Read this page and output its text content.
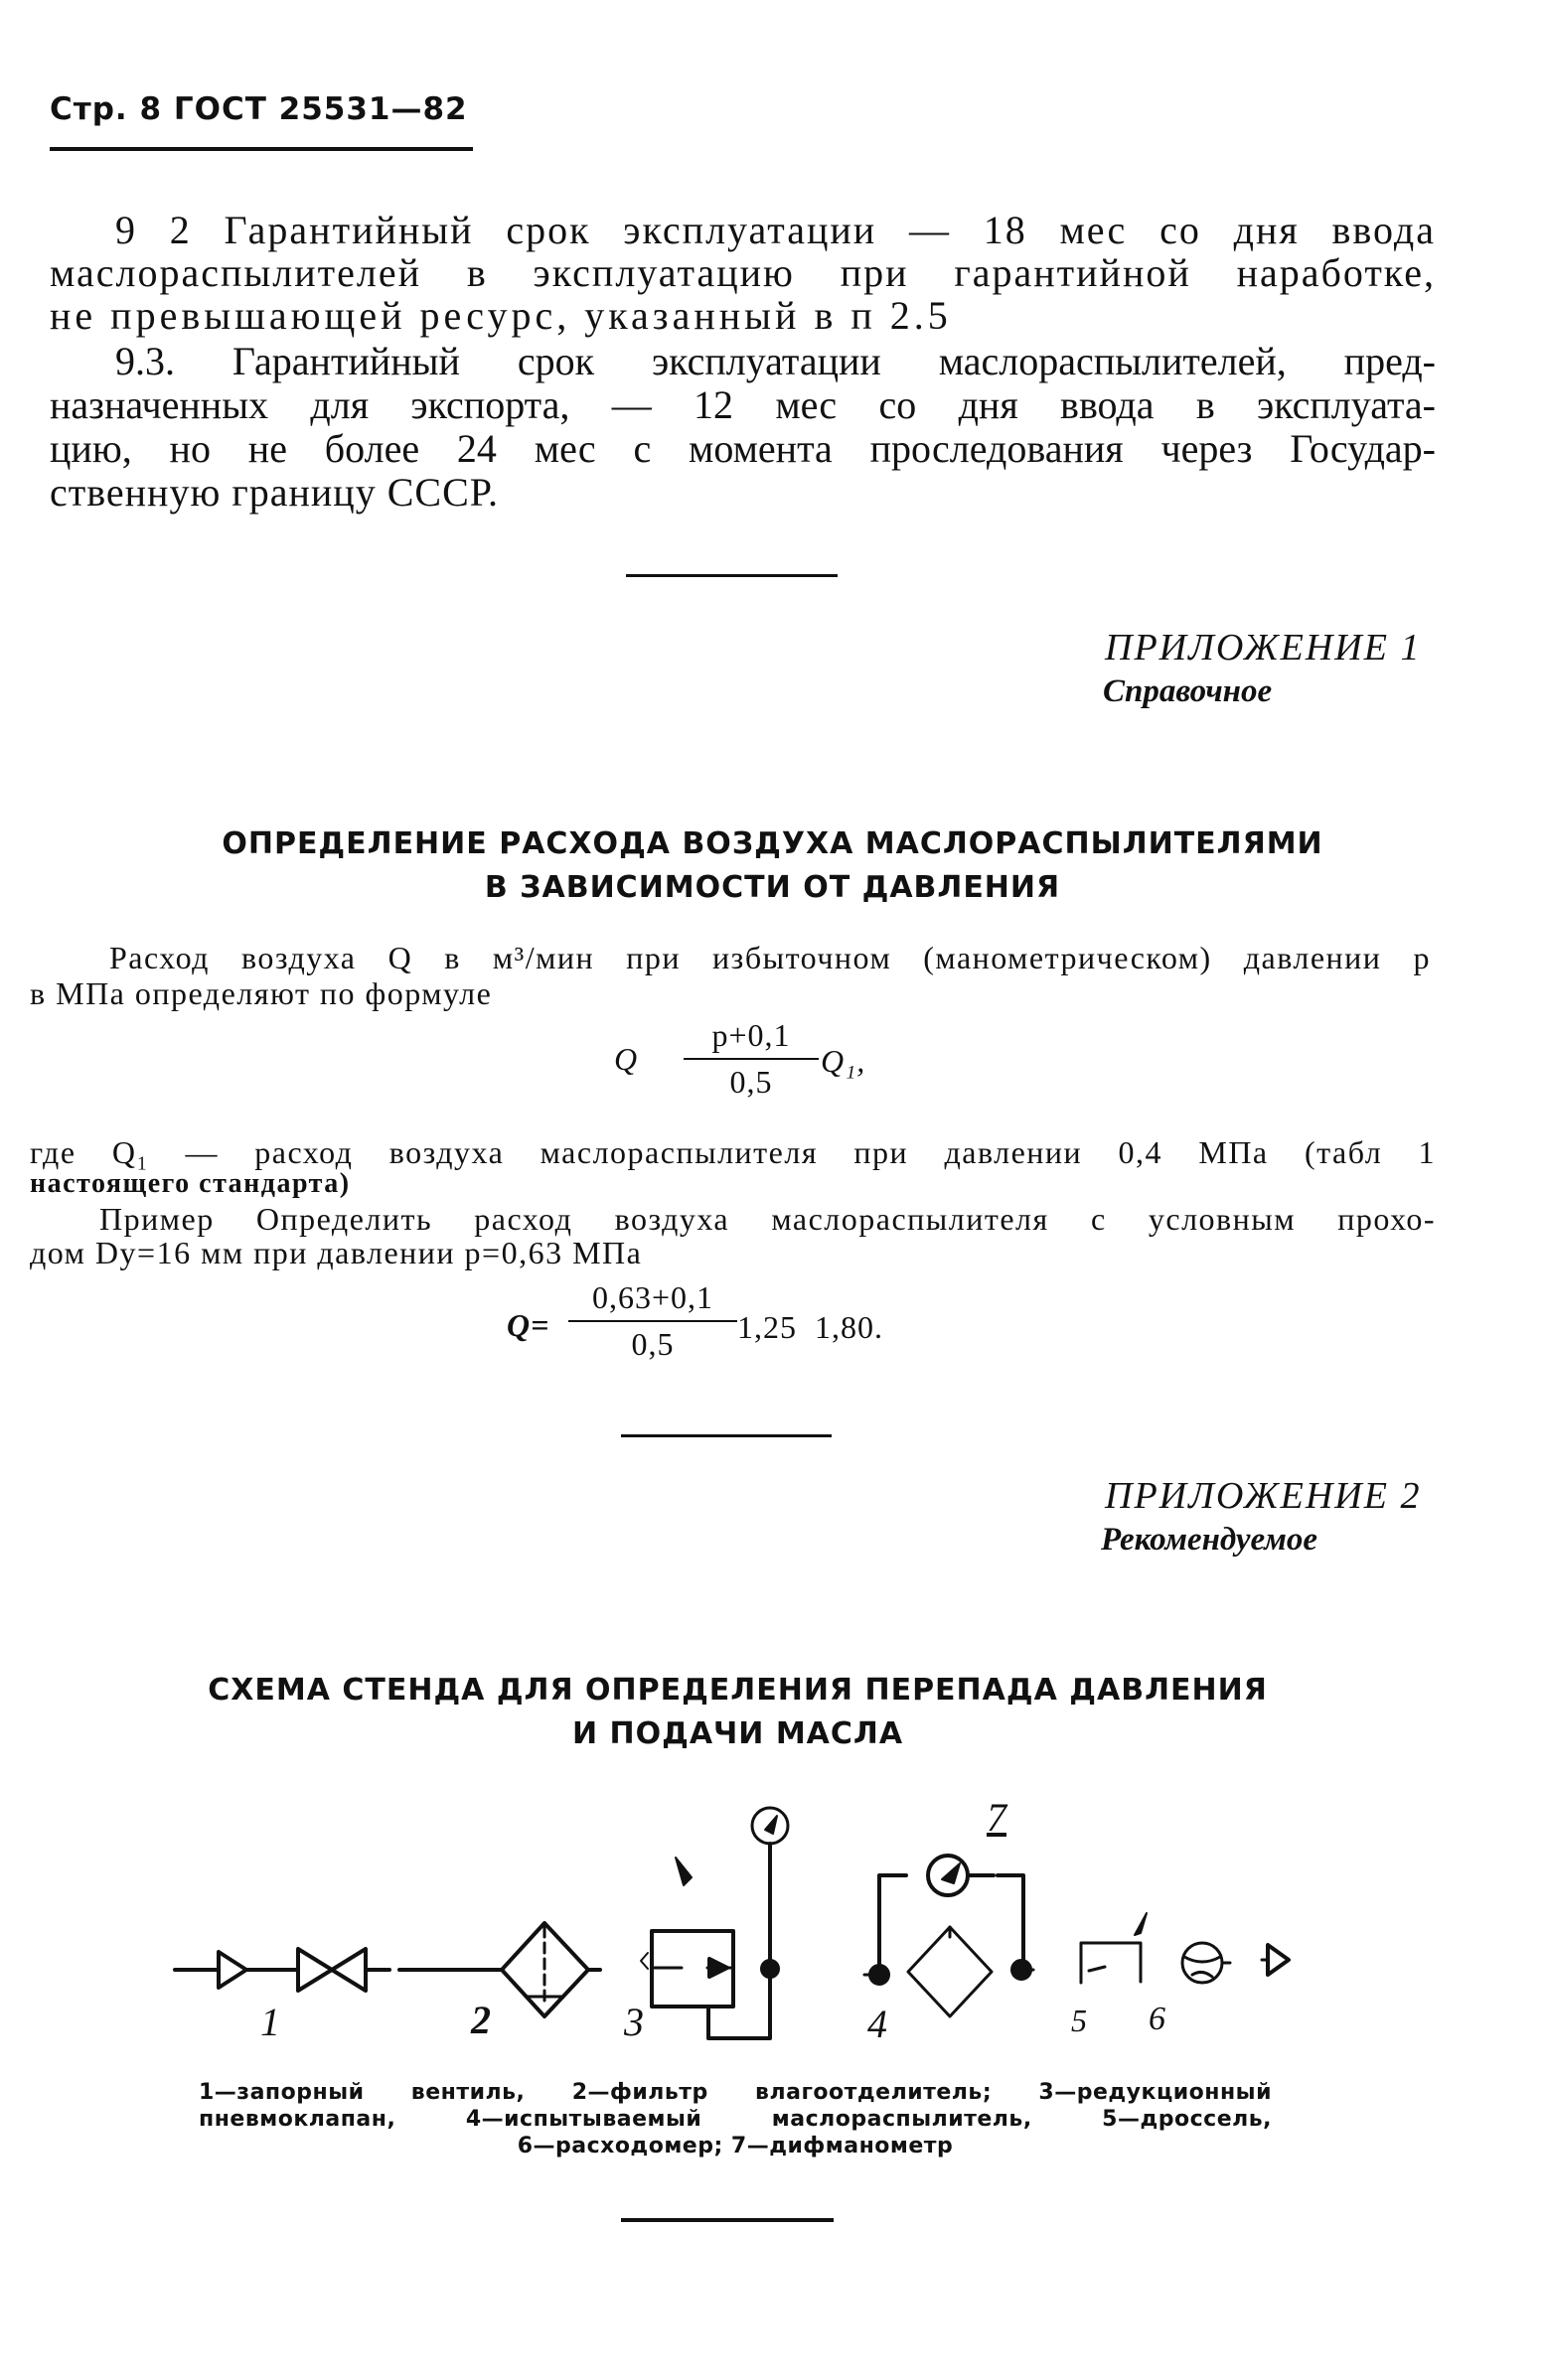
Стр. 8 ГОСТ 25531—82
9 2 Гарантийный срок эксплуатации — 18 мес со дня ввода
маслораспылителей в эксплуатацию при гарантийной наработке,
не превышающей ресурс, указанный в п 2.5
9.3. Гарантийный срок эксплуатации маслораспылителей, пред-
назначенных для экспорта, — 12 мес со дня ввода в эксплуата-
цию, но не более 24 мес с момента проследования через Государ-
ственную границу СССР.
ПРИЛОЖЕНИЕ 1
Справочное
ОПРЕДЕЛЕНИЕ РАСХОДА ВОЗДУХА МАСЛОРАСПЫЛИТЕЛЯМИ
В ЗАВИСИМОСТИ ОТ ДАВЛЕНИЯ
Расход воздуха Q в м³/мин при избыточном (манометрическом) давлении p
в МПа определяют по формуле
Q
p+0,1
0,5
Q₁,
где Q₁ — расход воздуха маслораспылителя при давлении 0,4 МПа (табл 1
настоящего стандарта)
Пример Определить расход воздуха маслораспылителя с условным прохо-
дом Dу=16 мм при давлении p=0,63 МПа
Q=
0,63+0,1
0,5	1,25  1,80.
ПРИЛОЖЕНИЕ 2
Рекомендуемое
СХЕМА СТЕНДА ДЛЯ ОПРЕДЕЛЕНИЯ ПЕРЕПАДА ДАВЛЕНИЯ
И ПОДАЧИ МАСЛА
1	2	3	4	5 6
7
1—запорный вентиль, 2—фильтр влагоотделитель; 3—редукционный
пневмоклапан, 4—испытываемый маслораспылитель, 5—дроссель,
6—расходомер; 7—дифманометр
